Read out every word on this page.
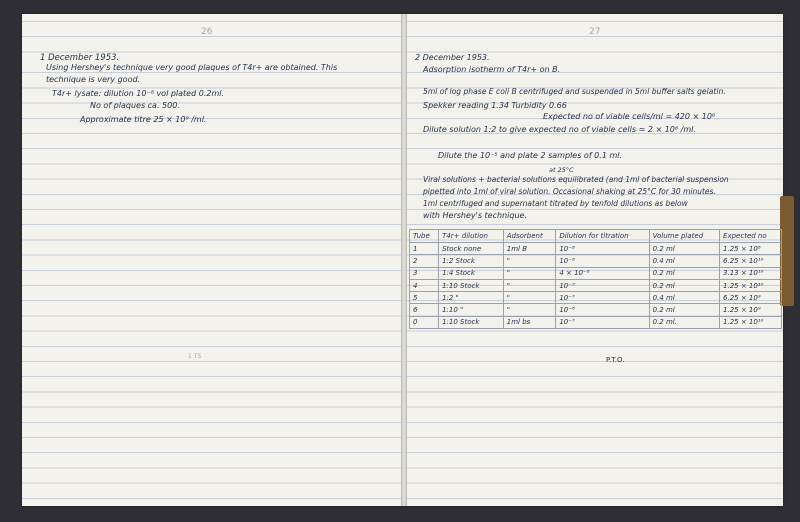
26
1 December 1953.
Using Hershey's technique very good plaques of T4r+ are obtained. This
technique is very good.
T4r+ lysate: dilution 10⁻⁸ vol plated 0.2ml.
No of plaques ca. 500.
Approximate titre 25 × 10⁹ /ml.
1 TS
27
2 December 1953.
Adsorption isotherm of T4r+ on B.
5ml of log phase E coli B centrifuged and suspended in 5ml buffer salts gelatin.
Spekker reading 1.34 Turbidity 0.66
Expected no of viable cells/ml = 420 × 10⁶
Dilute solution 1:2 to give expected no of viable cells ≃ 2 × 10⁸ /ml.
Dilute the 10⁻⁵ and plate 2 samples of 0.1 ml.
at 25°C
Viral solutions + bacterial solutions equilibrated (and 1ml of bacterial suspension
pipetted into 1ml of viral solution. Occasional shaking at 25°C for 30 minutes.
1ml centrifuged and supernatant titrated by tenfold dilutions as below
with Hershey's technique.
Tube	T4r+ dilution	Adsorbent	Dilution for titration	Volume plated	Expected no
1	Stock none	1ml B	10⁻⁸	0.2 ml	1.25 × 10⁸
2	1:2 Stock	"	10⁻⁸	0.4 ml	6.25 × 10¹⁰
3	1:4 Stock	"	4 × 10⁻⁸	0.2 ml	3.13 × 10¹⁰
4	1:10 Stock	"	10⁻⁷	0.2 ml	1.25 × 10¹⁰
5	1:2 "	"	10⁻⁷	0.4 ml	6.25 × 10⁹
6	1:10 "	"	10⁻⁶	0.2 ml	1.25 × 10⁹
0	1:10 Stock	1ml bs	10⁻⁷	0.2 ml.	1.25 × 10¹⁰
P.T.O.
